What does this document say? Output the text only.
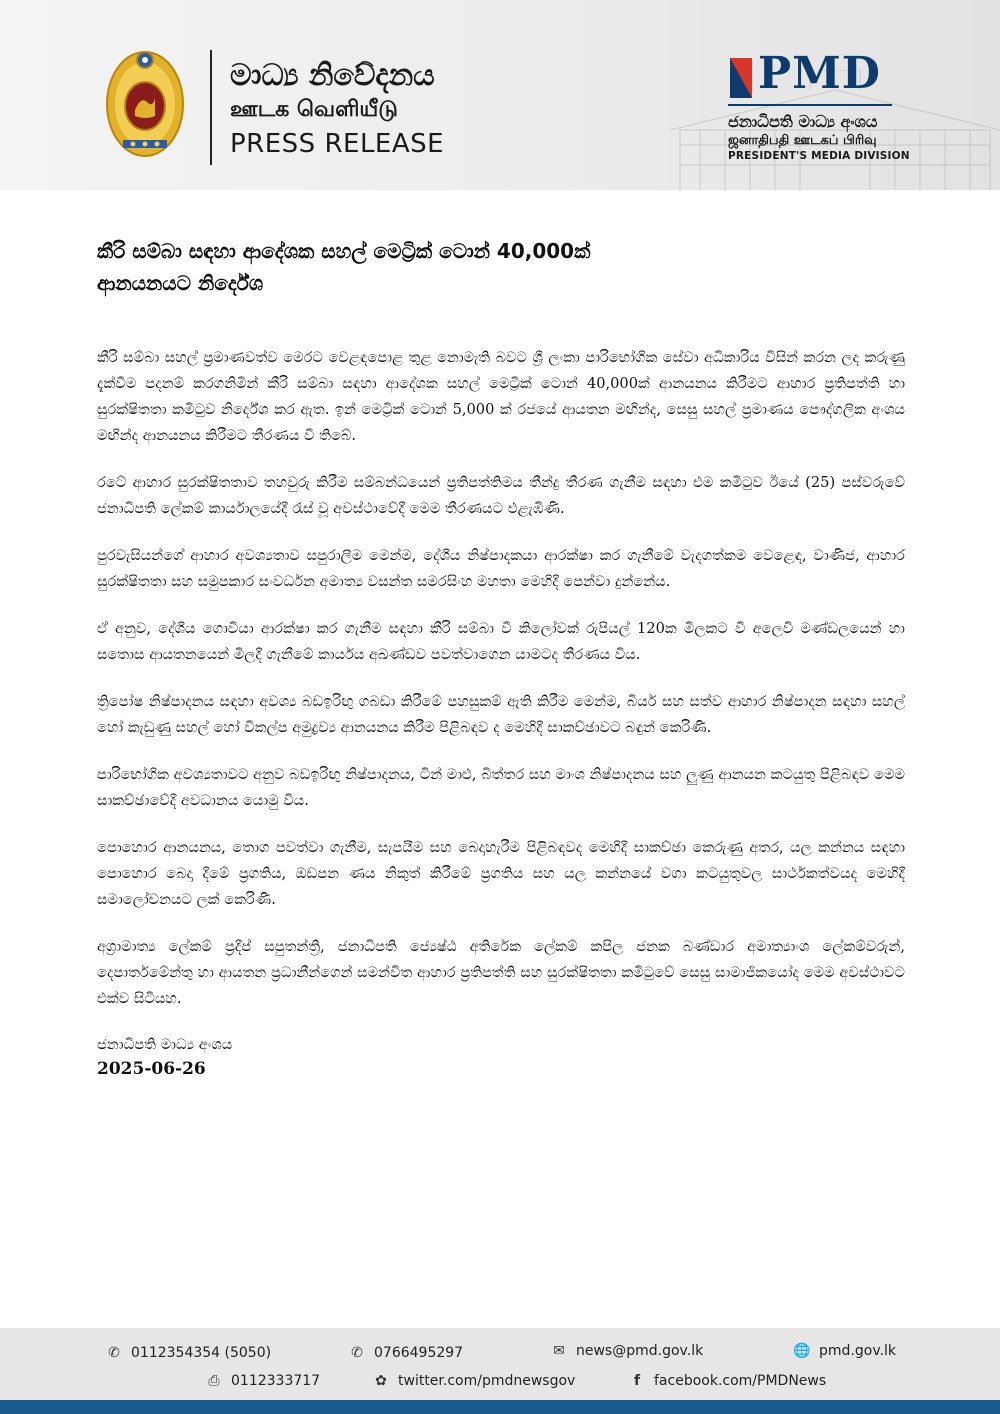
මාධ්‍ය නිවේදනය
ஊடக வெளியீடு
PRESS RELEASE
PMD
ජනාධිපති මාධ්‍ය අංශය
ஜனாதிபதி ஊடகப் பிரிவு
PRESIDENT'S MEDIA DIVISION
කීරි සම්බා සඳහා ආදේශක සහල් මෙට්‍රික් ටොන් 40,000ක්
ආනයනයට නිර්දේශ

කීරි සම්බා සහල් ප්‍රමාණවත්ව මෙරට වෙළඳපොළ තුළ නොමැති බවට ශ්‍රී ලංකා පාරිභෝගික සේවා අධිකාරිය විසින් කරන ලද කරුණු දැක්වීම පදනම් කරගනිමින් කීරි සම්බා සඳහා ආදේශක සහල් මෙට්‍රික් ටොන් 40,000ක් ආනයනය කිරීමට ආහාර ප්‍රතිපත්ති හා සුරක්ෂිතතා කමිටුව නිර්දේශ කර ඇත. ඉන් මෙට්‍රික් ටොන් 5,000 ක් රජයේ ආයතන මඟින්ද, සෙසු සහල් ප්‍රමාණය පෞද්ගලික අංශය මඟින්ද ආනයනය කිරීමට තීරණය වී තිබේ.

රටේ ආහාර සුරක්ෂිතතාව තහවුරු කිරීම සම්බන්ධයෙන් ප්‍රතිපත්තිමය තීන්දු තීරණ ගැනීම සඳහා එම කමිටුව ඊයේ (25) පස්වරුවේ ජනාධිපති ලේකම් කාර්යාලයේදී රැස් වූ අවස්ථාවේදී මෙම තීරණයට එළැඹිණි.

පුරවැසියන්ගේ ආහාර අවශ්‍යතාව සපුරාලීම මෙන්ම, දේශීය නිෂ්පාදකයා ආරක්ෂා කර ගැනීමේ වැදගත්කම වෙළෙඳ, වාණිජ, ආහාර සුරක්ෂිතතා සහ සමුපකාර සංවර්ධන අමාත්‍ය වසන්ත සමරසිංහ මහතා මෙහිදී පෙන්වා දුන්නේය.

ඒ අනුව, දේශීය ගොවියා ආරක්ෂා කර ගැනීම සඳහා කීරි සම්බා වී කිලෝවක් රුපියල් 120ක මිලකට වී අලෙවි මණ්ඩලයෙන් හා සතොස ආයතනයෙන් මිලදී ගැනීමේ කාර්යය අඛණ්ඩව පවත්වාගෙන යාමටද තීරණය විය.

ත්‍රිපෝෂ නිෂ්පාදනය සඳහා අවශ්‍ය බඩඉරිඟු ගබඩා කිරීමේ පහසුකම් ඇති කිරීම මෙන්ම, බියර් සහ සත්ව ආහාර නිෂ්පාදන සඳහා සහල් හෝ කැඩුණු සහල් හෝ විකල්ප අමුද්‍රව්‍ය ආනයනය කිරීම පිළිබඳව ද මෙහිදී සාකච්ඡාවට බඳුන් කෙරිණි.

පාරිභෝගික අවශ්‍යතාවට අනුව බඩඉරිඟු නිෂ්පාදනය, ටින් මාළු, බිත්තර සහ මාංශ නිෂ්පාදනය සහ ලුණු ආනයන කටයුතු පිළිබඳව මෙම සාකච්ඡාවේදී අවධානය යොමු විය.

පොහොර ආනයනය, තොග පවත්වා ගැනීම, සැපයීම සහ බෙදාහැරීම පිළිබඳවද මෙහිදී සාකච්ඡා කෙරුණු අතර, යල කන්නය සඳහා පොහොර බෙදා දීමේ ප්‍රගතිය, ඔඩපන ණය නිකුත් කිරීමේ ප්‍රගතිය සහ යල කන්නයේ වගා කටයුතුවල සාර්ථකත්වයද මෙහිදී සමාලෝචනයට ලක් කෙරිණි.

අග්‍රාමාත්‍ය ලේකම් ප්‍රදීප් සපුතන්ත්‍රි, ජනාධිපති ජ්‍යෙෂ්ඨ අතිරේක ලේකම් කපිල ජනක බණ්ඩාර අමාත්‍යාංශ ලේකම්වරුන්, දෙපාර්තමේන්තු හා ආයතන ප්‍රධානීන්ගෙන් සමන්විත ආහාර ප්‍රතිපත්ති සහ සුරක්ෂිතතා කමිටුවේ සෙසු සාමාජිකයෝද මෙම අවස්ථාවට එක්ව සිටියහ.

ජනාධිපති මාධ්‍ය අංශය
2025-06-26
✆ 0112354354 (5050)	✆ 0766495297	✉ news@pmd.gov.lk	🌐 pmd.gov.lk
⎙ 0112333717	✿ twitter.com/pmdnewsgov	f facebook.com/PMDNews
